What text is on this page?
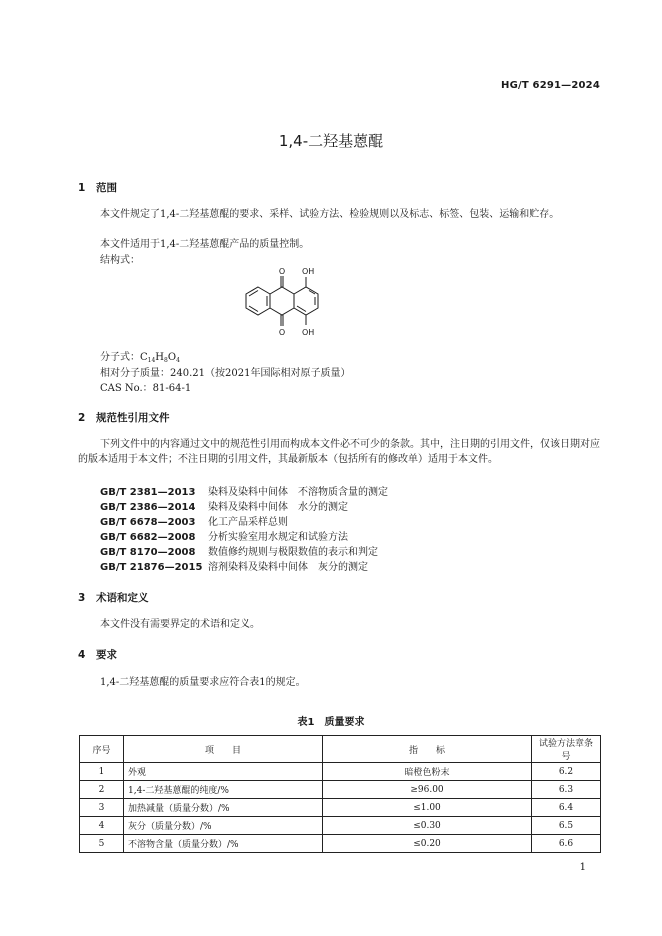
HG/T 6291—2024
1,4-二羟基蒽醌
1 范围
本文件规定了1,4-二羟基蒽醌的要求、采样、试验方法、检验规则以及标志、标签、包装、运输和贮存。
本文件适用于1,4-二羟基蒽醌产品的质量控制。
结构式：
O
O
OH
OH
分子式：$C_{14}H_8O_4$
相对分子质量：240.21（按2021年国际相对原子质量）
CAS No.：81-64-1
2 规范性引用文件
下列文件中的内容通过文中的规范性引用而构成本文件必不可少的条款。其中，注日期的引用文件，仅该日期对应的版本适用于本文件；不注日期的引用文件，其最新版本（包括所有的修改单）适用于本文件。
GB/T 2381—2013 染料及染料中间体　不溶物质含量的测定
GB/T 2386—2014 染料及染料中间体　水分的测定
GB/T 6678—2003 化工产品采样总则
GB/T 6682—2008 分析实验室用水规定和试验方法
GB/T 8170—2008 数值修约规则与极限数值的表示和判定
GB/T 21876—2015 溶剂染料及染料中间体　灰分的测定
3 术语和定义
本文件没有需要界定的术语和定义。
4 要求
1,4-二羟基蒽醌的质量要求应符合表1的规定。
表1　质量要求
序号	项　　目	指　　标	试验方法章条号
1	外观	暗橙色粉末	6.2
2	1,4-二羟基蒽醌的纯度/%	≥96.00	6.3
3	加热减量（质量分数）/%	≤1.00	6.4
4	灰分（质量分数）/%	≤0.30	6.5
5	不溶物含量（质量分数）/%	≤0.20	6.6
1
